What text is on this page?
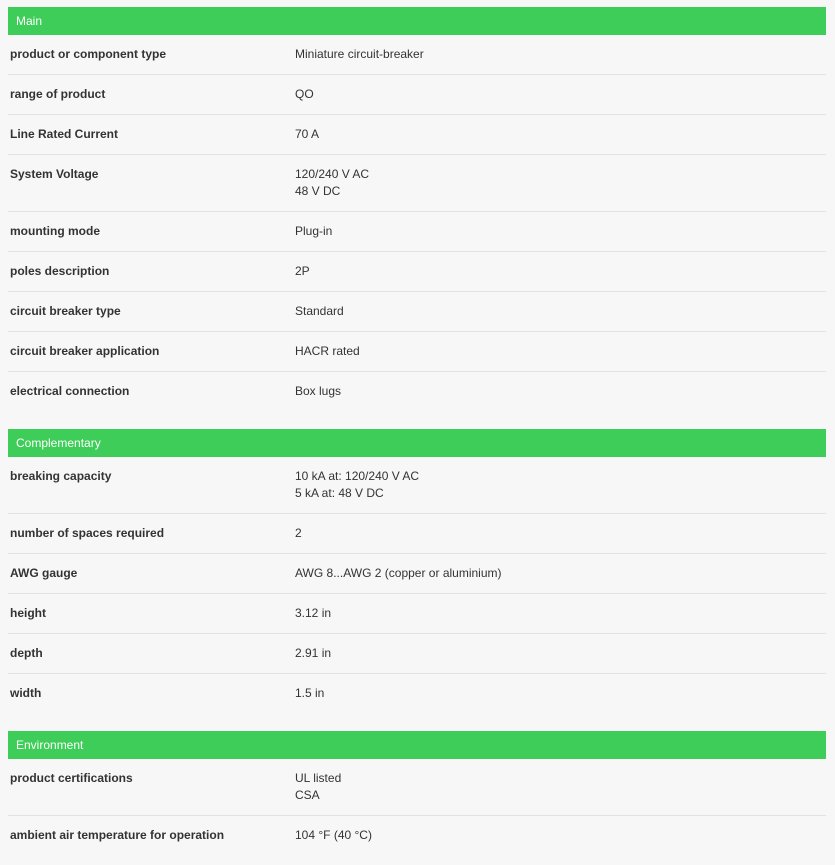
Main
product or component type	Miniature circuit-breaker
range of product	QO
Line Rated Current	70 A
System Voltage	120/240 V AC
48 V DC
mounting mode	Plug-in
poles description	2P
circuit breaker type	Standard
circuit breaker application	HACR rated
electrical connection	Box lugs
Complementary
breaking capacity	10 kA at: 120/240 V AC
5 kA at: 48 V DC
number of spaces required	2
AWG gauge	AWG 8...AWG 2 (copper or aluminium)
height	3.12 in
depth	2.91 in
width	1.5 in
Environment
product certifications	UL listed
CSA
ambient air temperature for operation	104 °F (40 °C)
